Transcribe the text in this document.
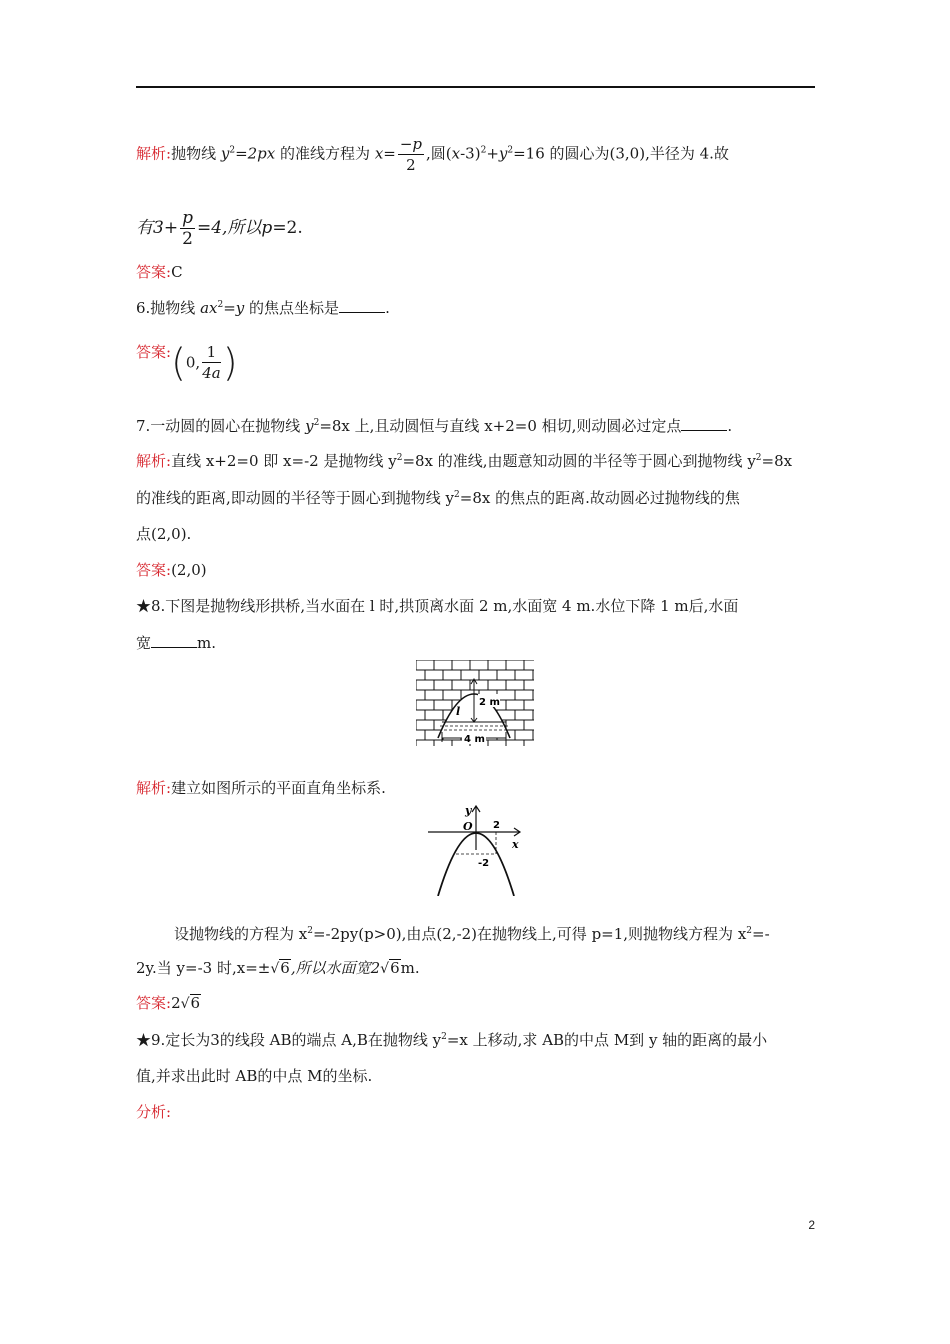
解析:抛物线 $y^2=2px$ 的准线方程为 $x= \frac{-p}{2}$ ,圆$(x-3)^2+y^2=16$ 的圆心为(3,0),半径为 4.故
有$3+ \frac{p}{2} =4$,所以p=2.
答案:C
6.抛物线 $ax^2=y$ 的焦点坐标是	.
答案:(0, $\frac{1}{4a}$ )
7.一动圆的圆心在抛物线 $y^2=8x$ 上,且动圆恒与直线 x+2=0 相切,则动圆必过定点	.
解析:直线 x+2=0 即 x=-2 是抛物线 $y^2=8x$ 的准线,由题意知动圆的半径等于圆心到抛物线 $y^2=8x$
的准线的距离,即动圆的半径等于圆心到抛物线 $y^2=8x$ 的焦点的距离.故动圆必过抛物线的焦
点(2,0).
答案:(2,0)
★8.下图是抛物线形拱桥,当水面在 l 时,拱顶离水面 2 m,水面宽 4 m.水位下降 1 m后,水面
宽	m.
2 m
l
4 m
解析:建立如图所示的平面直角坐标系.
y
O
x
2
-2
设抛物线的方程为 $x^2=-2py(p>0)$,由点(2,-2)在抛物线上,可得 p=1,则抛物线方程为 $x^2=-$
2y.当 y=-3 时,x=±√6,所以水面宽2√6m.
答案:2√6
★9.定长为3的线段 AB的端点 A,B在抛物线 $y^2=x$ 上移动,求 AB的中点 M到 y 轴的距离的最小
值,并求出此时 AB的中点 M的坐标.
分析:
2
